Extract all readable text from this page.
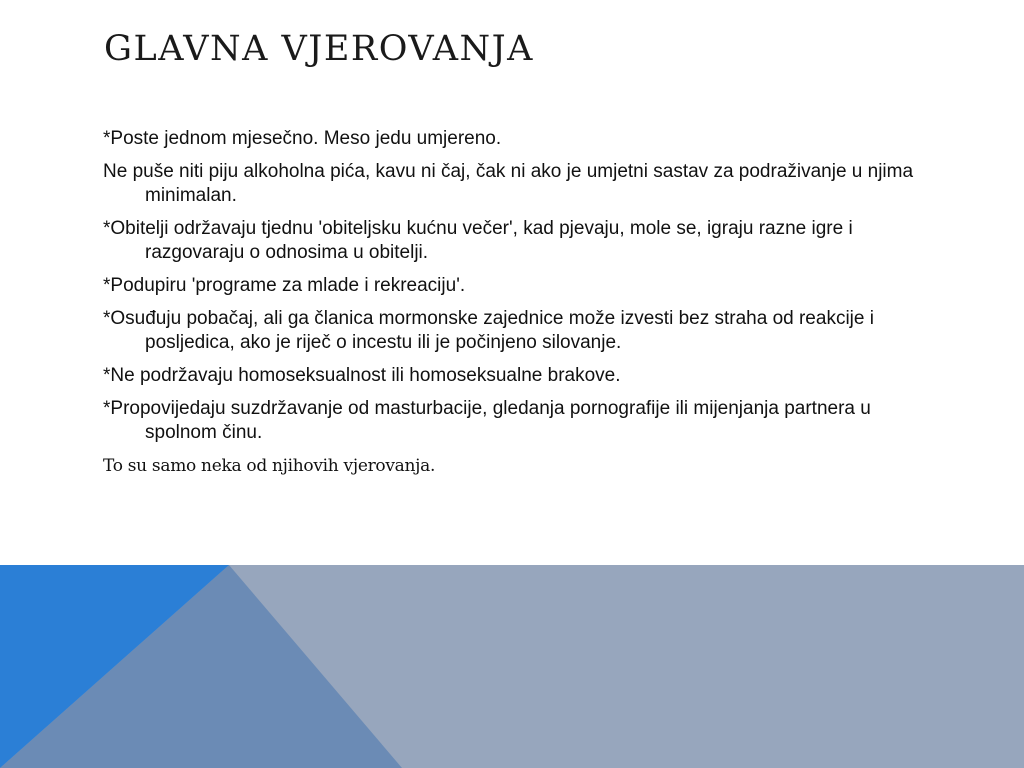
GLAVNA VJEROVANJA

*Poste jednom mjesečno. Meso jedu umjereno.

Ne puše niti piju alkoholna pića, kavu ni čaj, čak ni ako je umjetni sastav za podraživanje u njima minimalan.

*Obitelji održavaju tjednu 'obiteljsku kućnu večer', kad pjevaju, mole se, igraju razne igre i razgovaraju o odnosima u obitelji.

*Podupiru 'programe za mlade i rekreaciju'.

*Osuđuju pobačaj, ali ga članica mormonske zajednice može izvesti bez straha od reakcije i posljedica, ako je riječ o incestu ili je počinjeno silovanje.

*Ne podržavaju homoseksualnost ili homoseksualne brakove.

*Propovijedaju suzdržavanje od masturbacije, gledanja pornografije ili mijenjanja partnera u spolnom činu.

To su samo neka od njihovih vjerovanja.
